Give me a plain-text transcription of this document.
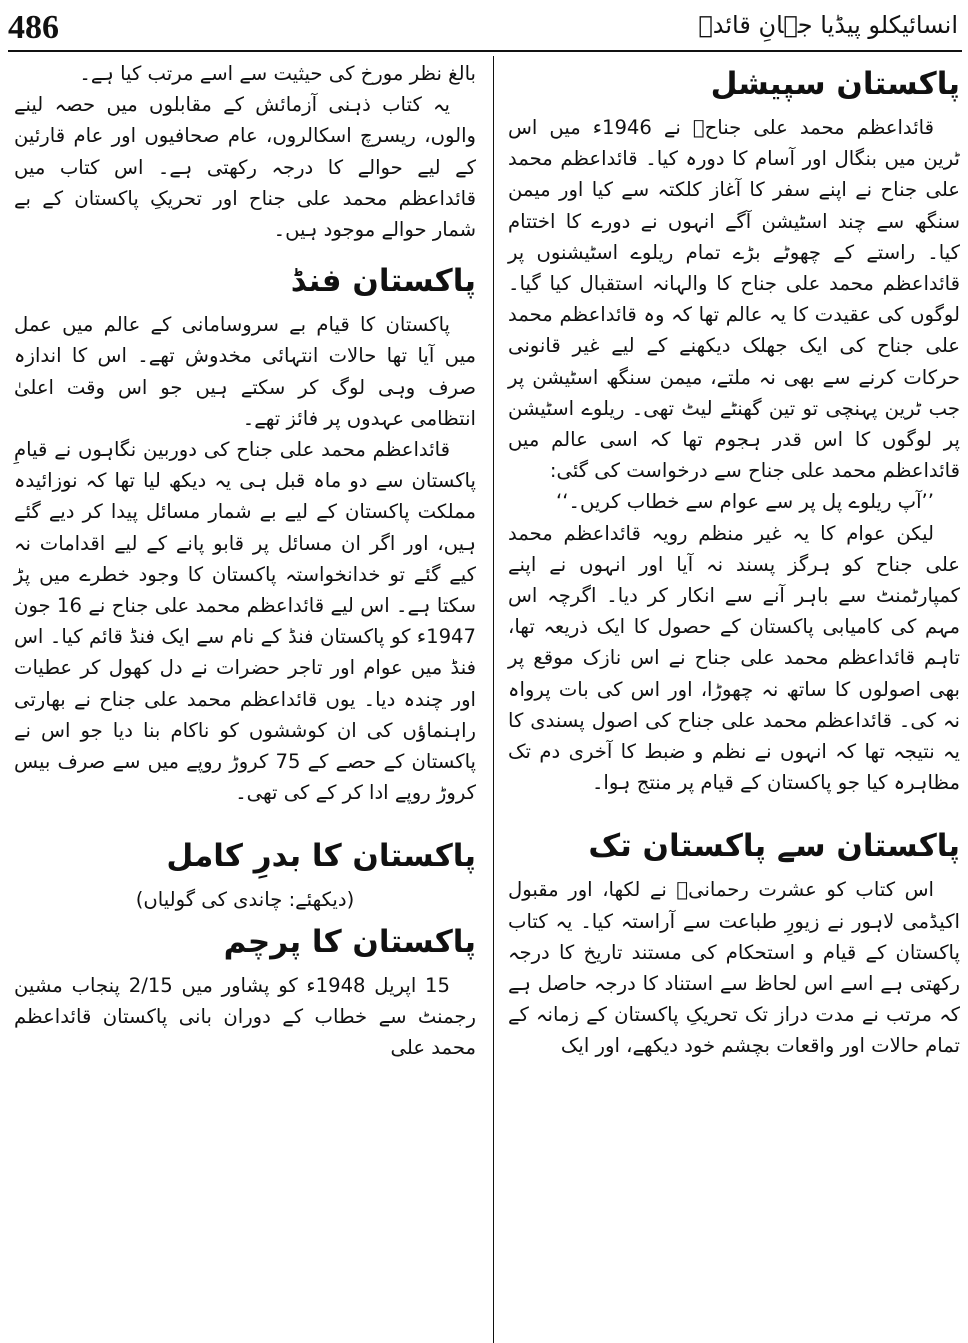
486	انسائیکلو پیڈیا جہانِ قائدؒ
پاکستان سپیشل

قائداعظم محمد علی جناحؒ نے 1946ء میں اس ٹرین میں بنگال اور آسام کا دورہ کیا۔ قائداعظم محمد علی جناح نے اپنے سفر کا آغاز کلکتہ سے کیا اور میمن سنگھ سے چند اسٹیشن آگے انہوں نے دورے کا اختتام کیا۔ راستے کے چھوٹے بڑے تمام ریلوے اسٹیشنوں پر قائداعظم محمد علی جناح کا والہانہ استقبال کیا گیا۔ لوگوں کی عقیدت کا یہ عالم تھا کہ وہ قائداعظم محمد علی جناح کی ایک جھلک دیکھنے کے لیے غیر قانونی حرکات کرنے سے بھی نہ ملتے، میمن سنگھ اسٹیشن پر جب ٹرین پہنچی تو تین گھنٹے لیٹ تھی۔ ریلوے اسٹیشن پر لوگوں کا اس قدر ہجوم تھا کہ اسی عالم میں قائداعظم محمد علی جناح سے درخواست کی گئی:

’’آپ ریلوے پل پر سے عوام سے خطاب کریں۔‘‘

لیکن عوام کا یہ غیر منظم رویہ قائداعظم محمد علی جناح کو ہرگز پسند نہ آیا اور انہوں نے اپنے کمپارٹمنٹ سے باہر آنے سے انکار کر دیا۔ اگرچہ اس مہم کی کامیابی پاکستان کے حصول کا ایک ذریعہ تھا، تاہم قائداعظم محمد علی جناح نے اس نازک موقع پر بھی اصولوں کا ساتھ نہ چھوڑا، اور اس کی بات پرواہ نہ کی۔ قائداعظم محمد علی جناح کی اصول پسندی کا یہ نتیجہ تھا کہ انہوں نے نظم و ضبط کا آخری دم تک مظاہرہ کیا جو پاکستان کے قیام پر منتج ہوا۔

پاکستان سے پاکستان تک

اس کتاب کو عشرت رحمانیؔ نے لکھا، اور مقبول اکیڈمی لاہور نے زیورِ طباعت سے آراستہ کیا۔ یہ کتاب پاکستان کے قیام و استحکام کی مستند تاریخ کا درجہ رکھتی ہے اسے اس لحاظ سے استناد کا درجہ حاصل ہے کہ مرتب نے مدت دراز تک تحریکِ پاکستان کے زمانہ کے تمام حالات اور واقعات بچشم خود دیکھے، اور ایک

بالغ نظر مورخ کی حیثیت سے اسے مرتب کیا ہے۔

یہ کتاب ذہنی آزمائش کے مقابلوں میں حصہ لینے والوں، ریسرچ اسکالروں، عام صحافیوں اور عام قارئین کے لیے حوالے کا درجہ رکھتی ہے۔ اس کتاب میں قائداعظم محمد علی جناح اور تحریکِ پاکستان کے بے شمار حوالے موجود ہیں۔

پاکستان فنڈ

پاکستان کا قیام بے سروسامانی کے عالم میں عمل میں آیا تھا حالات انتہائی مخدوش تھے۔ اس کا اندازہ صرف وہی لوگ کر سکتے ہیں جو اس وقت اعلیٰ انتظامی عہدوں پر فائز تھے۔

قائداعظم محمد علی جناح کی دوربین نگاہوں نے قیامِ پاکستان سے دو ماہ قبل ہی یہ دیکھ لیا تھا کہ نوزائیدہ مملکت پاکستان کے لیے بے شمار مسائل پیدا کر دیے گئے ہیں، اور اگر ان مسائل پر قابو پانے کے لیے اقدامات نہ کیے گئے تو خدانخواستہ پاکستان کا وجود خطرے میں پڑ سکتا ہے۔ اس لیے قائداعظم محمد علی جناح نے 16 جون 1947ء کو پاکستان فنڈ کے نام سے ایک فنڈ قائم کیا۔ اس فنڈ میں عوام اور تاجر حضرات نے دل کھول کر عطیات اور چندہ دیا۔ یوں قائداعظم محمد علی جناح نے بھارتی راہنماؤں کی ان کوششوں کو ناکام بنا دیا جو اس نے پاکستان کے حصے کے 75 کروڑ روپے میں سے صرف بیس کروڑ روپے ادا کر کے کی تھی۔

پاکستان کا بدرِ کامل

(دیکھئے: چاندی کی گولیاں)

پاکستان کا پرچم

15 اپریل 1948ء کو پشاور میں 2/15 پنجاب مشین رجمنٹ سے خطاب کے دوران بانی پاکستان قائداعظم محمد علی
